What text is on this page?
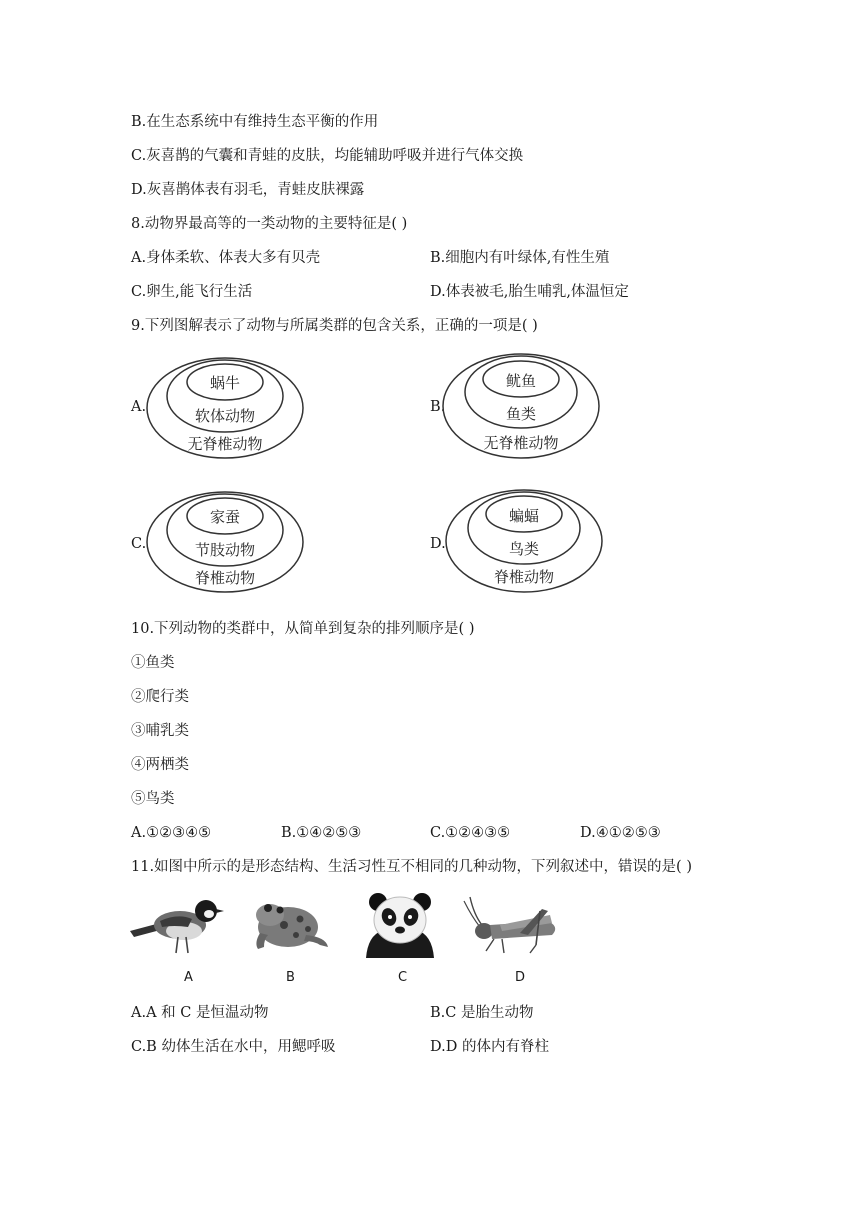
B.在生态系统中有维持生态平衡的作用
C.灰喜鹊的气囊和青蛙的皮肤，均能辅助呼吸并进行气体交换
D.灰喜鹊体表有羽毛，青蛙皮肤裸露
8.动物界最高等的一类动物的主要特征是( )
A.身体柔软、体表大多有贝壳	B.细胞内有叶绿体,有性生殖
C.卵生,能飞行生活	D.体表被毛,胎生哺乳,体温恒定
9.下列图解表示了动物与所属类群的包含关系，正确的一项是( )
A.
蜗牛
软体动物
无脊椎动物
B.
鱿鱼
鱼类
无脊椎动物
C.
家蚕
节肢动物
脊椎动物
D.
蝙蝠
鸟类
脊椎动物
10.下列动物的类群中，从简单到复杂的排列顺序是( )
①鱼类
②爬行类
③哺乳类
④两栖类
⑤鸟类
A.①②③④⑤	B.①④②⑤③	C.①②④③⑤	D.④①②⑤③
11.如图中所示的是形态结构、生活习性互不相同的几种动物，下列叙述中，错误的是( )
A	B	C	D
A.A 和 C 是恒温动物	B.C 是胎生动物
C.B 幼体生活在水中，用鳃呼吸	D.D 的体内有脊柱
